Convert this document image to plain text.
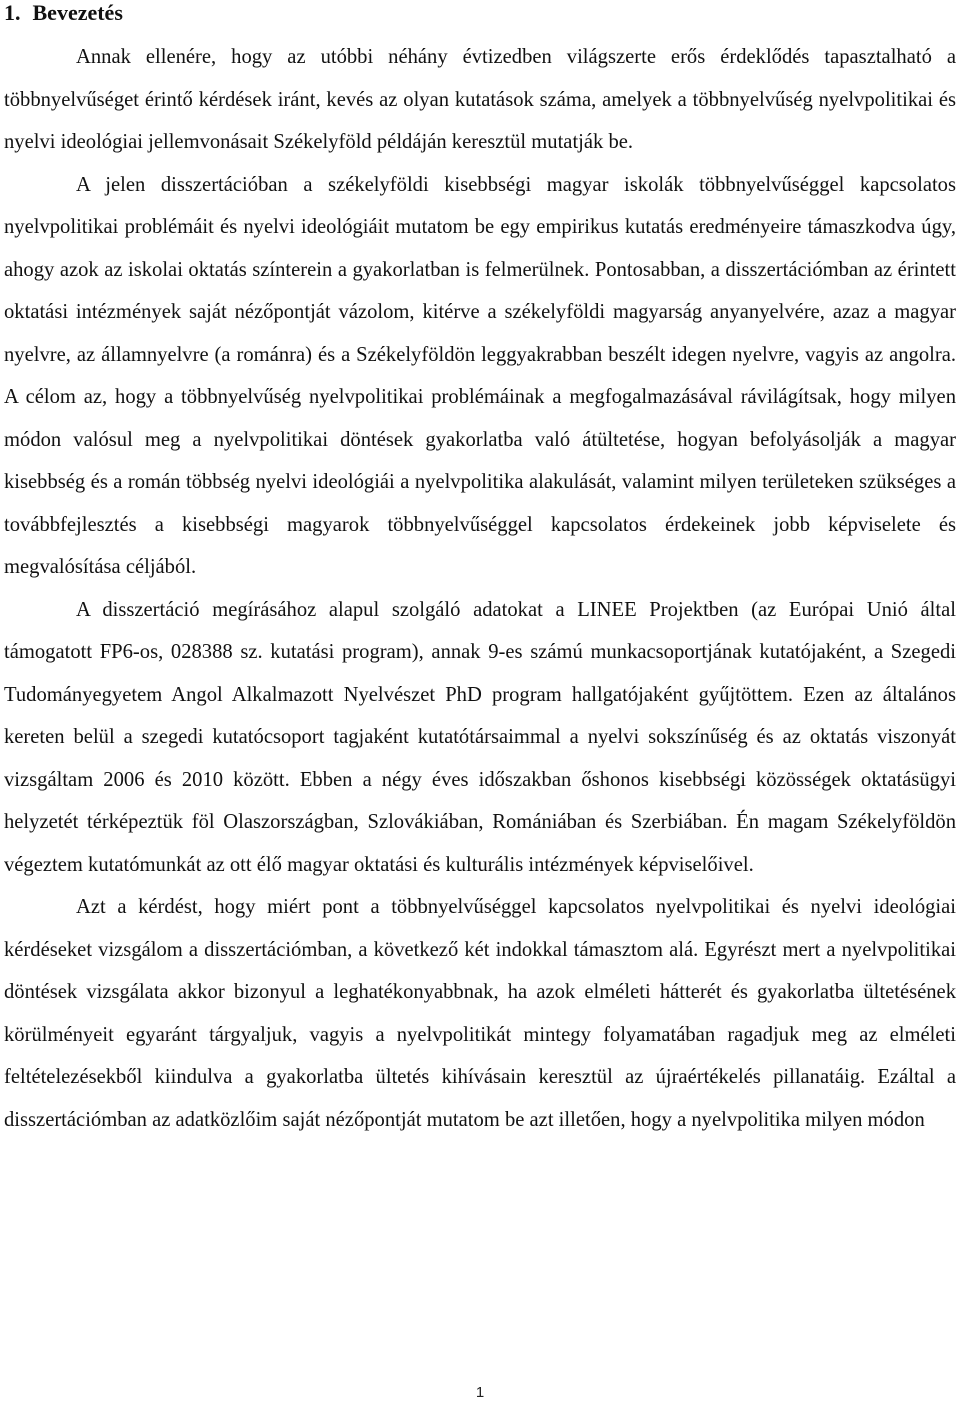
1. Bevezetés

Annak ellenére, hogy az utóbbi néhány évtizedben világszerte erős érdeklődés tapasztalható a többnyelvűséget érintő kérdések iránt, kevés az olyan kutatások száma, amelyek a többnyelvűség nyelvpolitikai és nyelvi ideológiai jellemvonásait Székelyföld példáján keresztül mutatják be.

A jelen disszertációban a székelyföldi kisebbségi magyar iskolák többnyelvűséggel kapcsolatos nyelvpolitikai problémáit és nyelvi ideológiáit mutatom be egy empirikus kutatás eredményeire támaszkodva úgy, ahogy azok az iskolai oktatás színterein a gyakorlatban is felmerülnek. Pontosabban, a disszertációmban az érintett oktatási intézmények saját nézőpontját vázolom, kitérve a székelyföldi magyarság anyanyelvére, azaz a magyar nyelvre, az államnyelvre (a románra) és a Székelyföldön leggyakrabban beszélt idegen nyelvre, vagyis az angolra. A célom az, hogy a többnyelvűség nyelvpolitikai problémáinak a megfogalmazásával rávilágítsak, hogy milyen módon valósul meg a nyelvpolitikai döntések gyakorlatba való átültetése, hogyan befolyásolják a magyar kisebbség és a román többség nyelvi ideológiái a nyelvpolitika alakulását, valamint milyen területeken szükséges a továbbfejlesztés a kisebbségi magyarok többnyelvűséggel kapcsolatos érdekeinek jobb képviselete és megvalósítása céljából.

A disszertáció megírásához alapul szolgáló adatokat a LINEE Projektben (az Európai Unió által támogatott FP6-os, 028388 sz. kutatási program), annak 9-es számú munkacsoportjának kutatójaként, a Szegedi Tudományegyetem Angol Alkalmazott Nyelvészet PhD program hallgatójaként gyűjtöttem. Ezen az általános kereten belül a szegedi kutatócsoport tagjaként kutatótársaimmal a nyelvi sokszínűség és az oktatás viszonyát vizsgáltam 2006 és 2010 között. Ebben a négy éves időszakban őshonos kisebbségi közösségek oktatásügyi helyzetét térképeztük föl Olaszországban, Szlovákiában, Romániában és Szerbiában. Én magam Székelyföldön végeztem kutatómunkát az ott élő magyar oktatási és kulturális intézmények képviselőivel.

Azt a kérdést, hogy miért pont a többnyelvűséggel kapcsolatos nyelvpolitikai és nyelvi ideológiai kérdéseket vizsgálom a disszertációmban, a következő két indokkal támasztom alá. Egyrészt mert a nyelvpolitikai döntések vizsgálata akkor bizonyul a leghatékonyabbnak, ha azok elméleti hátterét és gyakorlatba ültetésének körülményeit egyaránt tárgyaljuk, vagyis a nyelvpolitikát mintegy folyamatában ragadjuk meg az elméleti feltételezésekből kiindulva a gyakorlatba ültetés kihívásain keresztül az újraértékelés pillanatáig. Ezáltal a disszertációmban az adatközlőim saját nézőpontját mutatom be azt illetően, hogy a nyelvpolitika milyen módon

1
